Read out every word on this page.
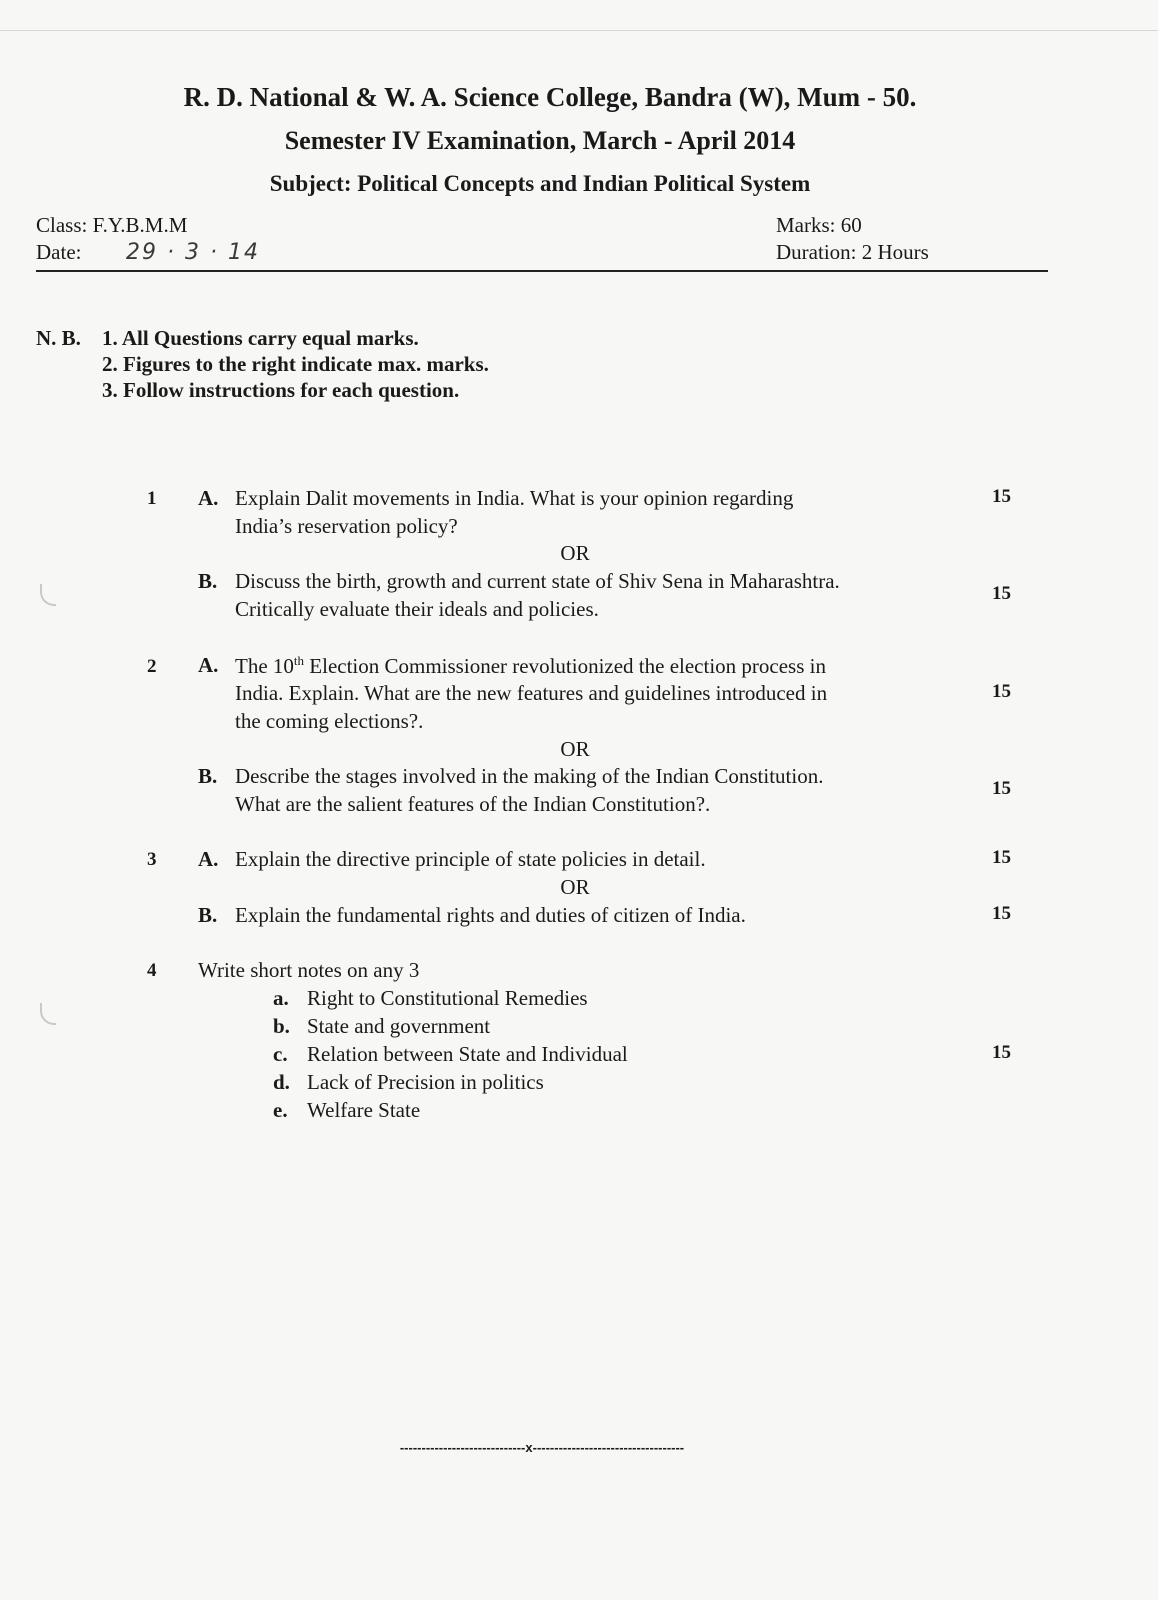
R. D. National & W. A. Science College, Bandra (W), Mum - 50.
Semester IV Examination, March - April 2014
Subject: Political Concepts and Indian Political System
Class: F.Y.B.M.M
Date: 29 · 3 · 14
Marks: 60
Duration: 2 Hours
N. B. 1. All Questions carry equal marks.
2. Figures to the right indicate max. marks.
3. Follow instructions for each question.
1 A. Explain Dalit movements in India. What is your opinion regarding
India’s reservation policy?
15
OR
B. Discuss the birth, growth and current state of Shiv Sena in Maharashtra.
Critically evaluate their ideals and policies.
15
2 A. The 10th Election Commissioner revolutionized the election process in
India. Explain. What are the new features and guidelines introduced in
the coming elections?.
15
OR
B. Describe the stages involved in the making of the Indian Constitution.
What are the salient features of the Indian Constitution?.
15
3 A. Explain the directive principle of state policies in detail.	15
OR
B. Explain the fundamental rights and duties of citizen of India.	15
4 Write short notes on any 3
a. Right to Constitutional Remedies
b. State and government
c. Relation between State and Individual
d. Lack of Precision in politics
e. Welfare State
15
-----------------------------x-----------------------------------
